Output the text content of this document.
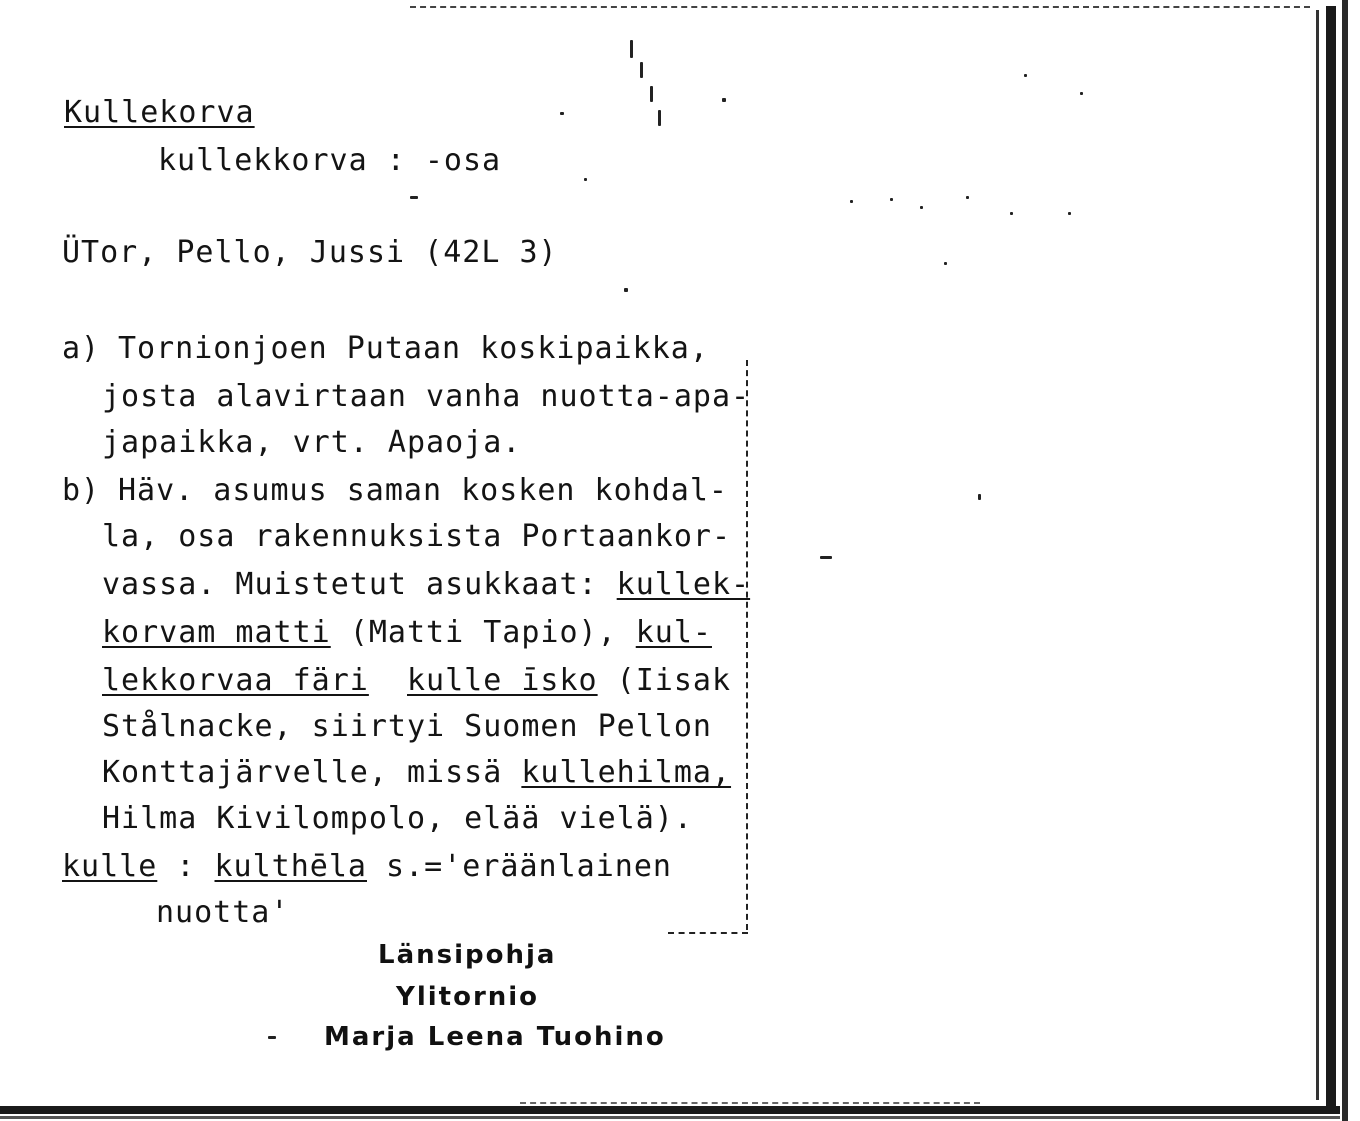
Kullekorva
kullekkorva : -osa
ÜTor, Pello, Jussi (42L 3)
a) Tornionjoen Putaan koskipaikka,
josta alavirtaan vanha nuotta-apa-
japaikka, vrt. Apaoja.
b) Häv. asumus saman kosken kohdal-
la, osa rakennuksista Portaankor-
vassa. Muistetut asukkaat: kullek-
korvam matti (Matti Tapio), kul-
lekkorvaa färi kulle īsko (Iisak
Stålnacke, siirtyi Suomen Pellon
Konttajärvelle, missä kullehilma,
Hilma Kivilompolo, elää vielä).
kulle : kulthēla s.='eräänlainen
nuotta'
Länsipohja
Ylitornio
Marja Leena Tuohino
